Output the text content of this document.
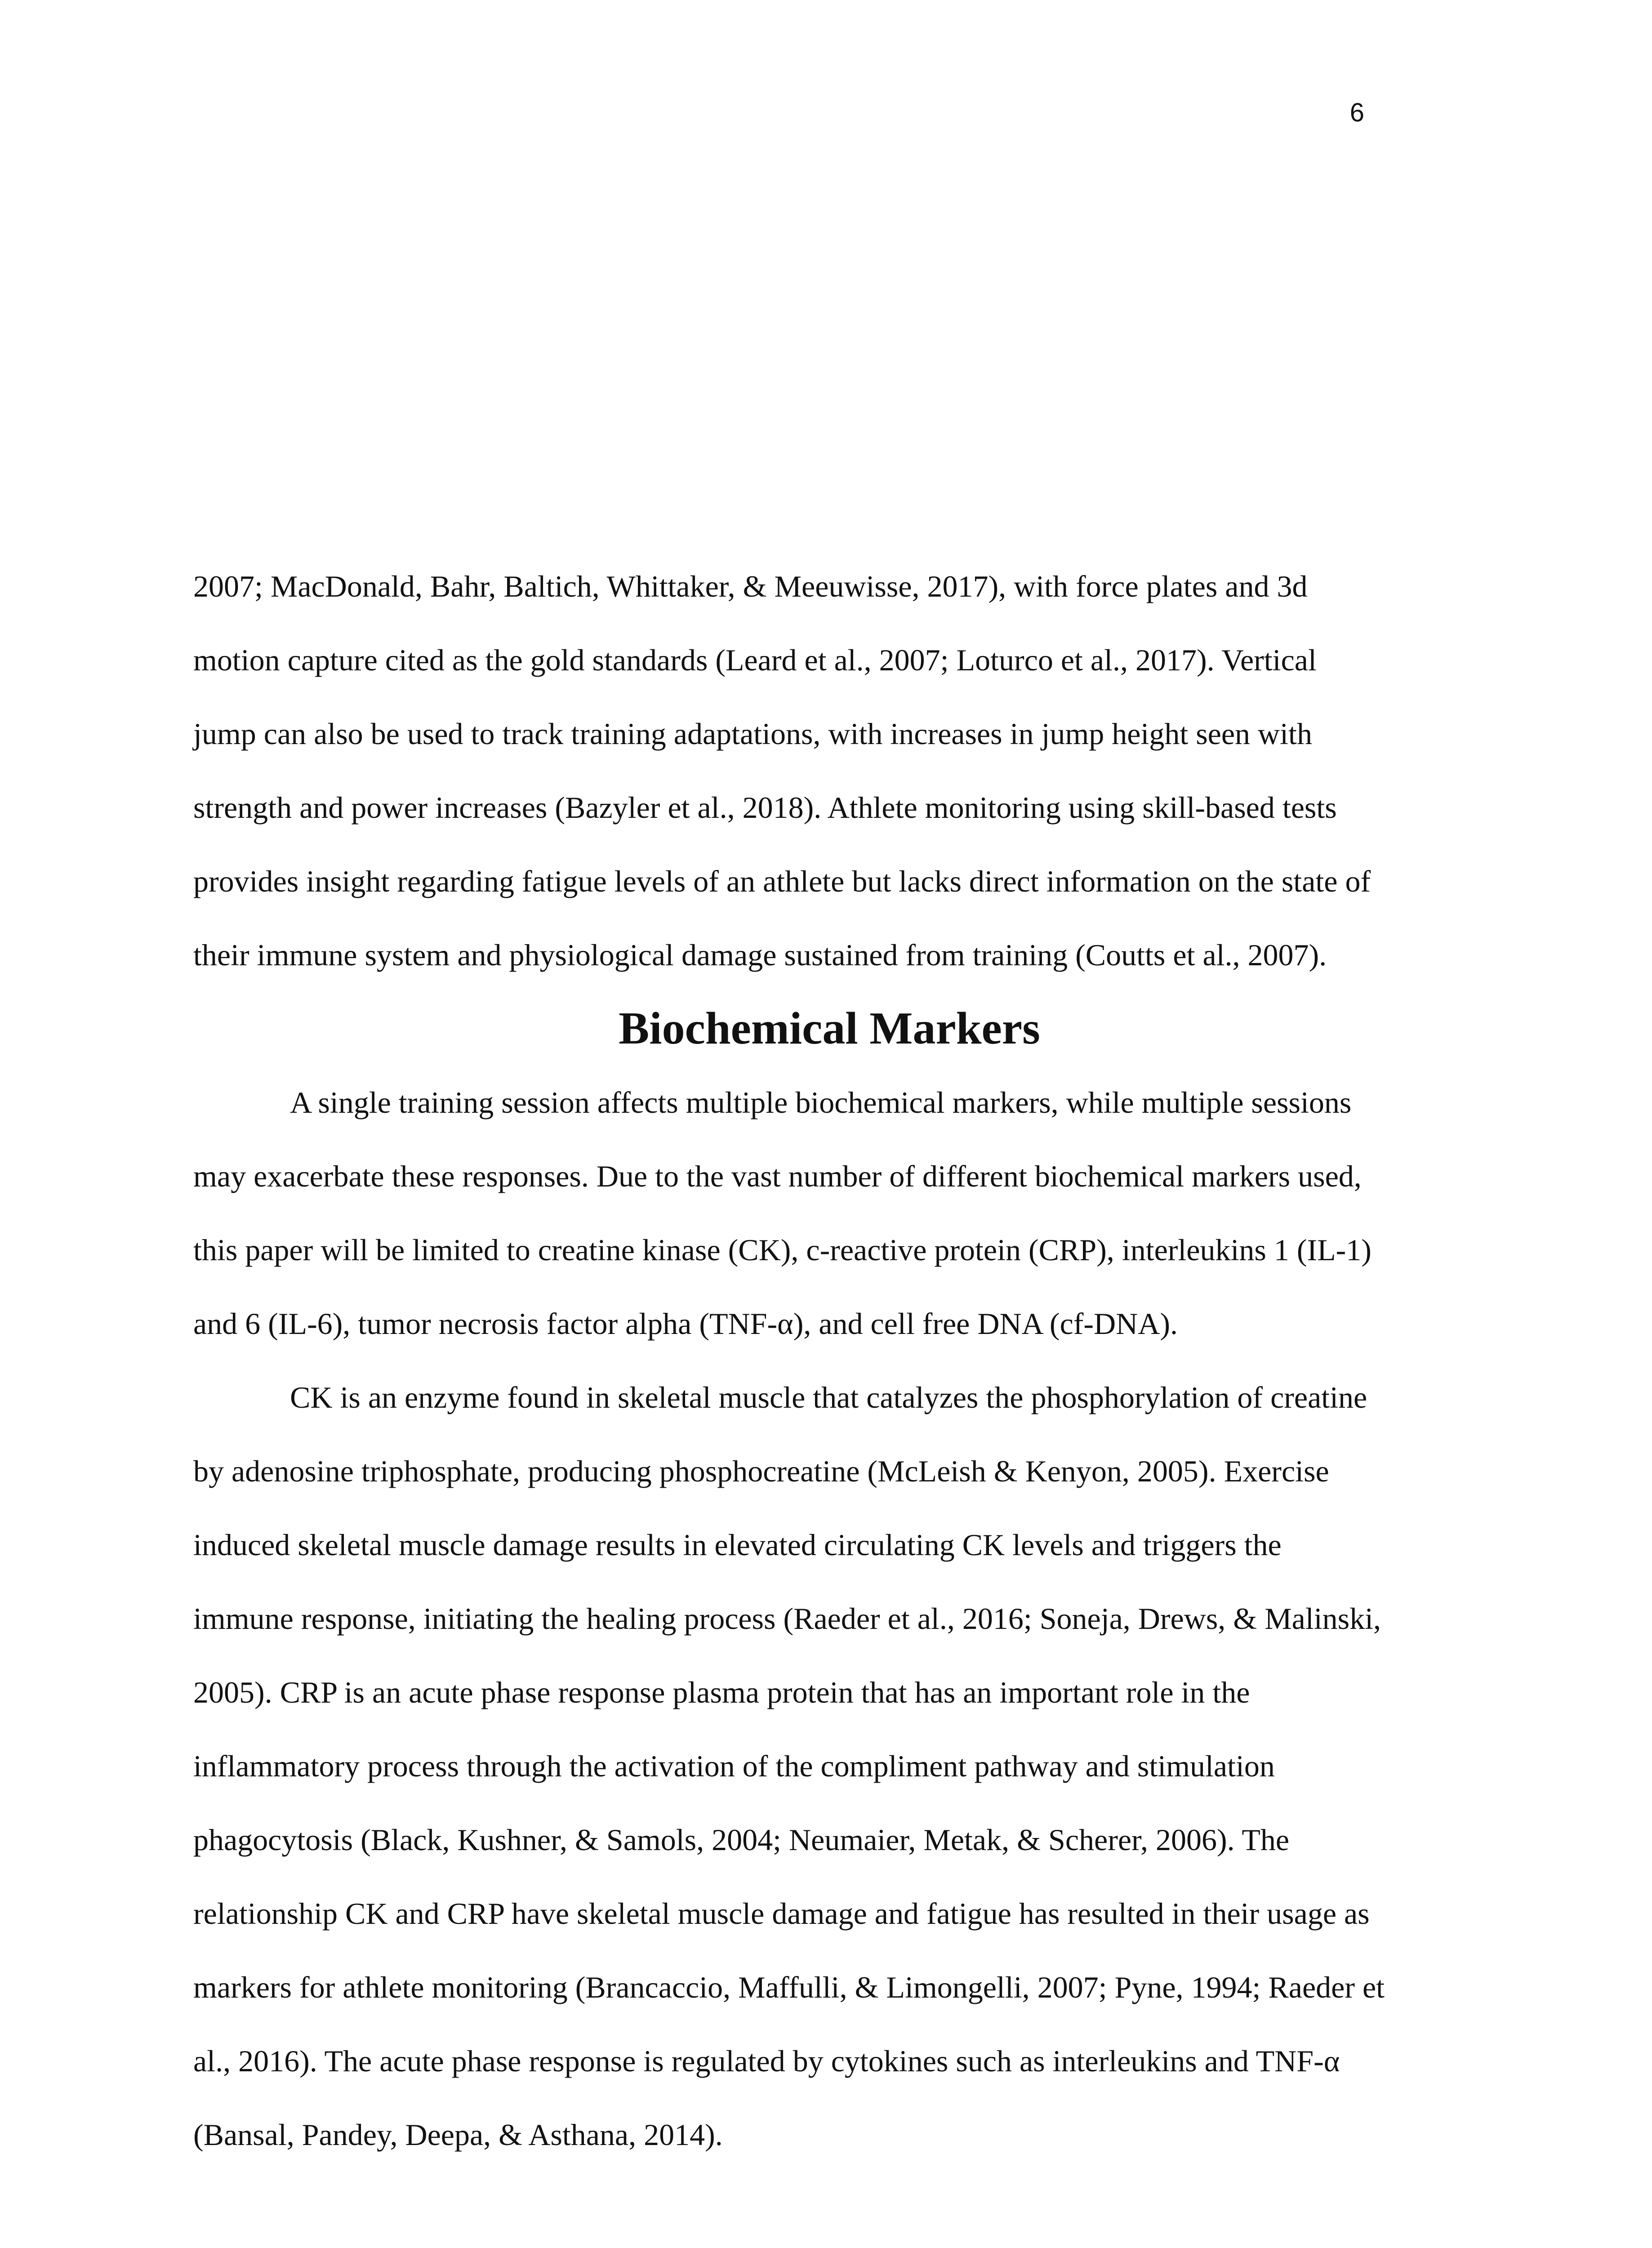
6
2007; MacDonald, Bahr, Baltich, Whittaker, & Meeuwisse, 2017), with force plates and 3d
motion capture cited as the gold standards (Leard et al., 2007; Loturco et al., 2017). Vertical
jump can also be used to track training adaptations, with increases in jump height seen with
strength and power increases (Bazyler et al., 2018). Athlete monitoring using skill-based tests
provides insight regarding fatigue levels of an athlete but lacks direct information on the state of
their immune system and physiological damage sustained from training (Coutts et al., 2007).
Biochemical Markers
A single training session affects multiple biochemical markers, while multiple sessions
may exacerbate these responses. Due to the vast number of different biochemical markers used,
this paper will be limited to creatine kinase (CK), c-reactive protein (CRP), interleukins 1 (IL-1)
and 6 (IL-6), tumor necrosis factor alpha (TNF-α), and cell free DNA (cf-DNA).
CK is an enzyme found in skeletal muscle that catalyzes the phosphorylation of creatine
by adenosine triphosphate, producing phosphocreatine (McLeish & Kenyon, 2005). Exercise
induced skeletal muscle damage results in elevated circulating CK levels and triggers the
immune response, initiating the healing process (Raeder et al., 2016; Soneja, Drews, & Malinski,
2005). CRP is an acute phase response plasma protein that has an important role in the
inflammatory process through the activation of the compliment pathway and stimulation
phagocytosis (Black, Kushner, & Samols, 2004; Neumaier, Metak, & Scherer, 2006). The
relationship CK and CRP have skeletal muscle damage and fatigue has resulted in their usage as
markers for athlete monitoring (Brancaccio, Maffulli, & Limongelli, 2007; Pyne, 1994; Raeder et
al., 2016). The acute phase response is regulated by cytokines such as interleukins and TNF-α
(Bansal, Pandey, Deepa, & Asthana, 2014).
